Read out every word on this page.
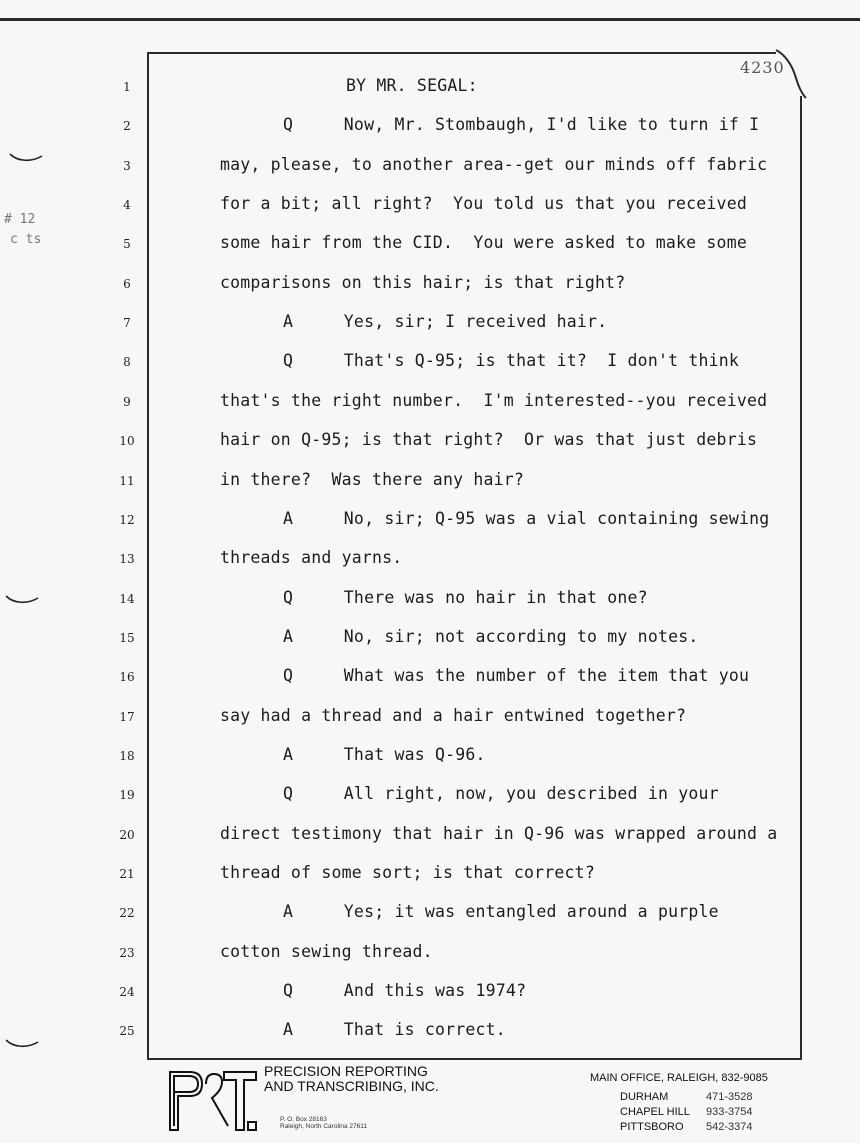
4230
# 12
c ts
1	BY MR. SEGAL:
2	Q     Now, Mr. Stombaugh, I'd like to turn if I
3	may, please, to another area--get our minds off fabric
4	for a bit; all right?  You told us that you received
5	some hair from the CID.  You were asked to make some
6	comparisons on this hair; is that right?
7	A     Yes, sir; I received hair.
8	Q     That's Q-95; is that it?  I don't think
9	that's the right number.  I'm interested--you received
10	hair on Q-95; is that right?  Or was that just debris
11	in there?  Was there any hair?
12	A     No, sir; Q-95 was a vial containing sewing
13	threads and yarns.
14	Q     There was no hair in that one?
15	A     No, sir; not according to my notes.
16	Q     What was the number of the item that you
17	say had a thread and a hair entwined together?
18	A     That was Q-96.
19	Q     All right, now, you described in your
20	direct testimony that hair in Q-96 was wrapped around a
21	thread of some sort; is that correct?
22	A     Yes; it was entangled around a purple
23	cotton sewing thread.
24	Q     And this was 1974?
25	A     That is correct.
PRECISION REPORTING
AND TRANSCRIBING, INC.
P. O. Box 28163
Raleigh, North Carolina 27611
MAIN OFFICE, RALEIGH, 832-9085
DURHAM	471-3528
CHAPEL HILL 933-3754
PITTSBORO 542-3374
